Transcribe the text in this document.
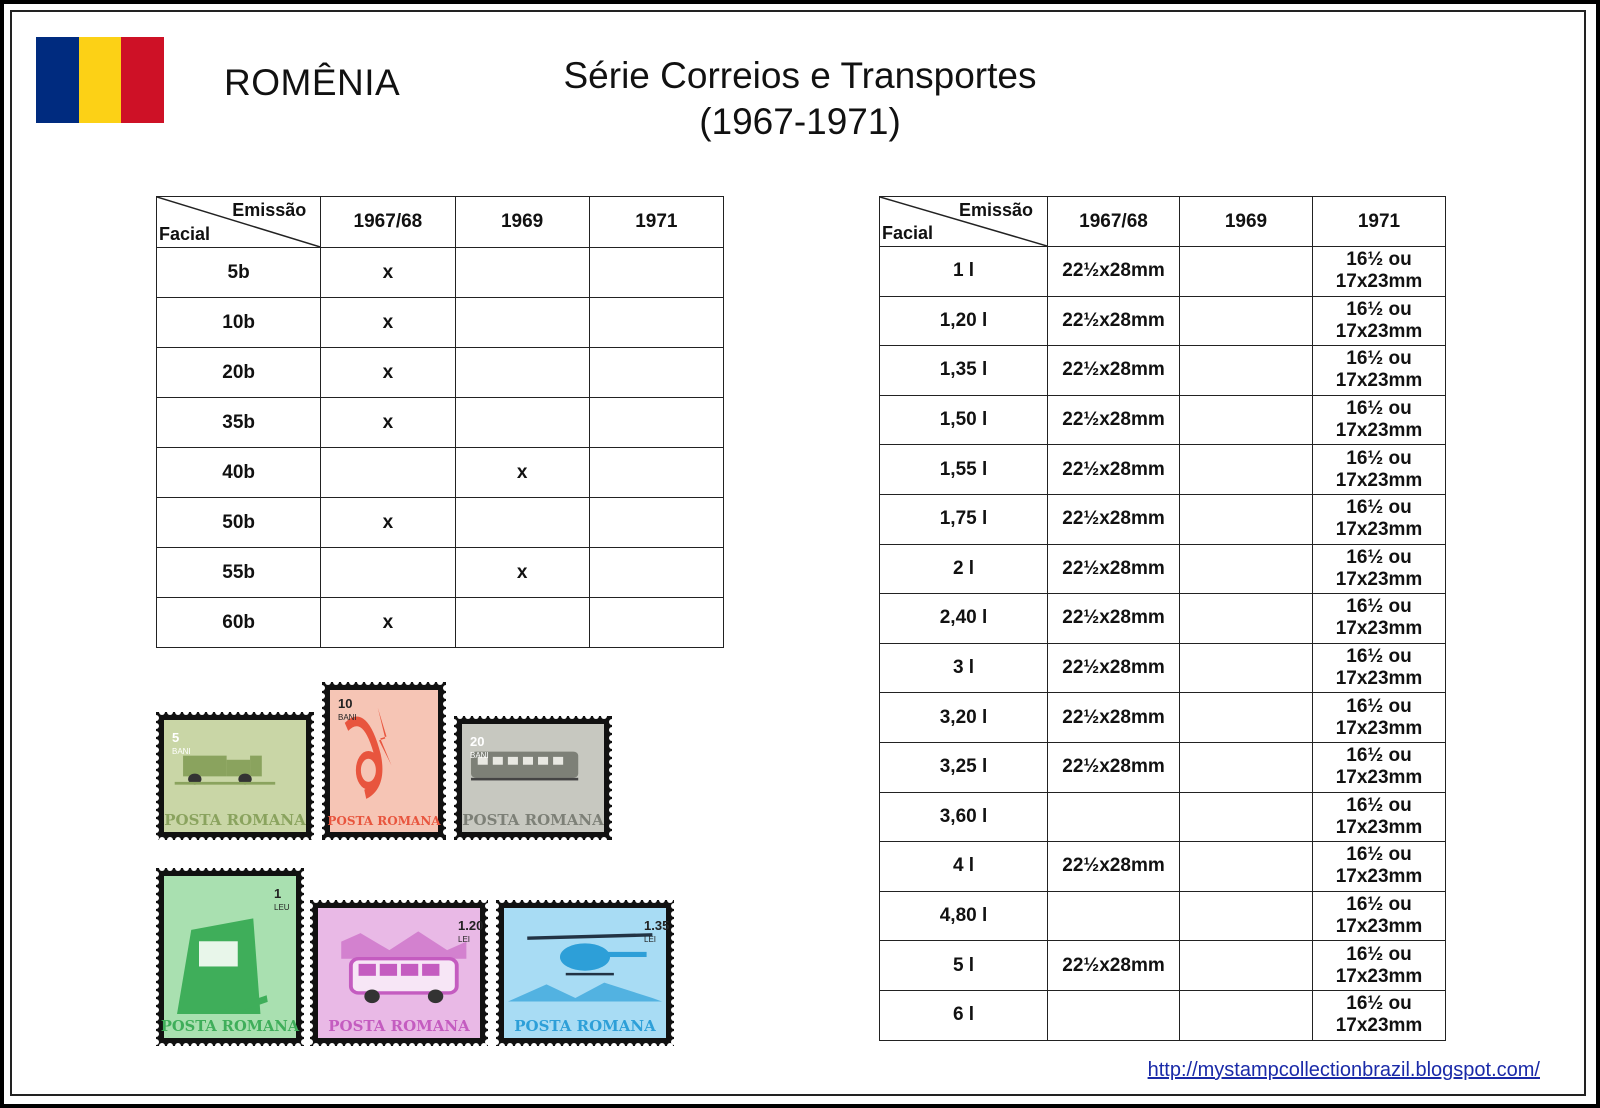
ROMÊNIA	Série Correios e Transportes
(1967-1971)
Emissão
Facial	1967/68	1969	1971
5b	x		
10b	x		
20b	x		
35b	x		
40b		x	
50b	x		
55b		x	
60b	x		
Emissão
Facial	1967/68	1969	1971
1 l	22½x28mm		16½ ou
17x23mm

1,20 l	22½x28mm		16½ ou
17x23mm

1,35 l	22½x28mm		16½ ou
17x23mm

1,50 l	22½x28mm		16½ ou
17x23mm

1,55 l	22½x28mm		16½ ou
17x23mm

1,75 l	22½x28mm		16½ ou
17x23mm

2 l	22½x28mm		16½ ou
17x23mm

2,40 l	22½x28mm		16½ ou
17x23mm

3 l	22½x28mm		16½ ou
17x23mm

3,20 l	22½x28mm		16½ ou
17x23mm

3,25 l	22½x28mm		16½ ou
17x23mm

3,60 l			16½ ou
17x23mm

4 l	22½x28mm		16½ ou
17x23mm

4,80 l			16½ ou
17x23mm

5 l	22½x28mm		16½ ou
17x23mm

6 l			16½ ou
17x23mm
POSTA ROMANA
5
BANI
POSTA ROMANA
10
BANI
POSTA ROMANA
20
BANI
POSTA ROMANA
1
LEU
POSTA ROMANA
1.20
LEI
POSTA ROMANA
1.35
LEI
http://mystampcollectionbrazil.blogspot.com/
